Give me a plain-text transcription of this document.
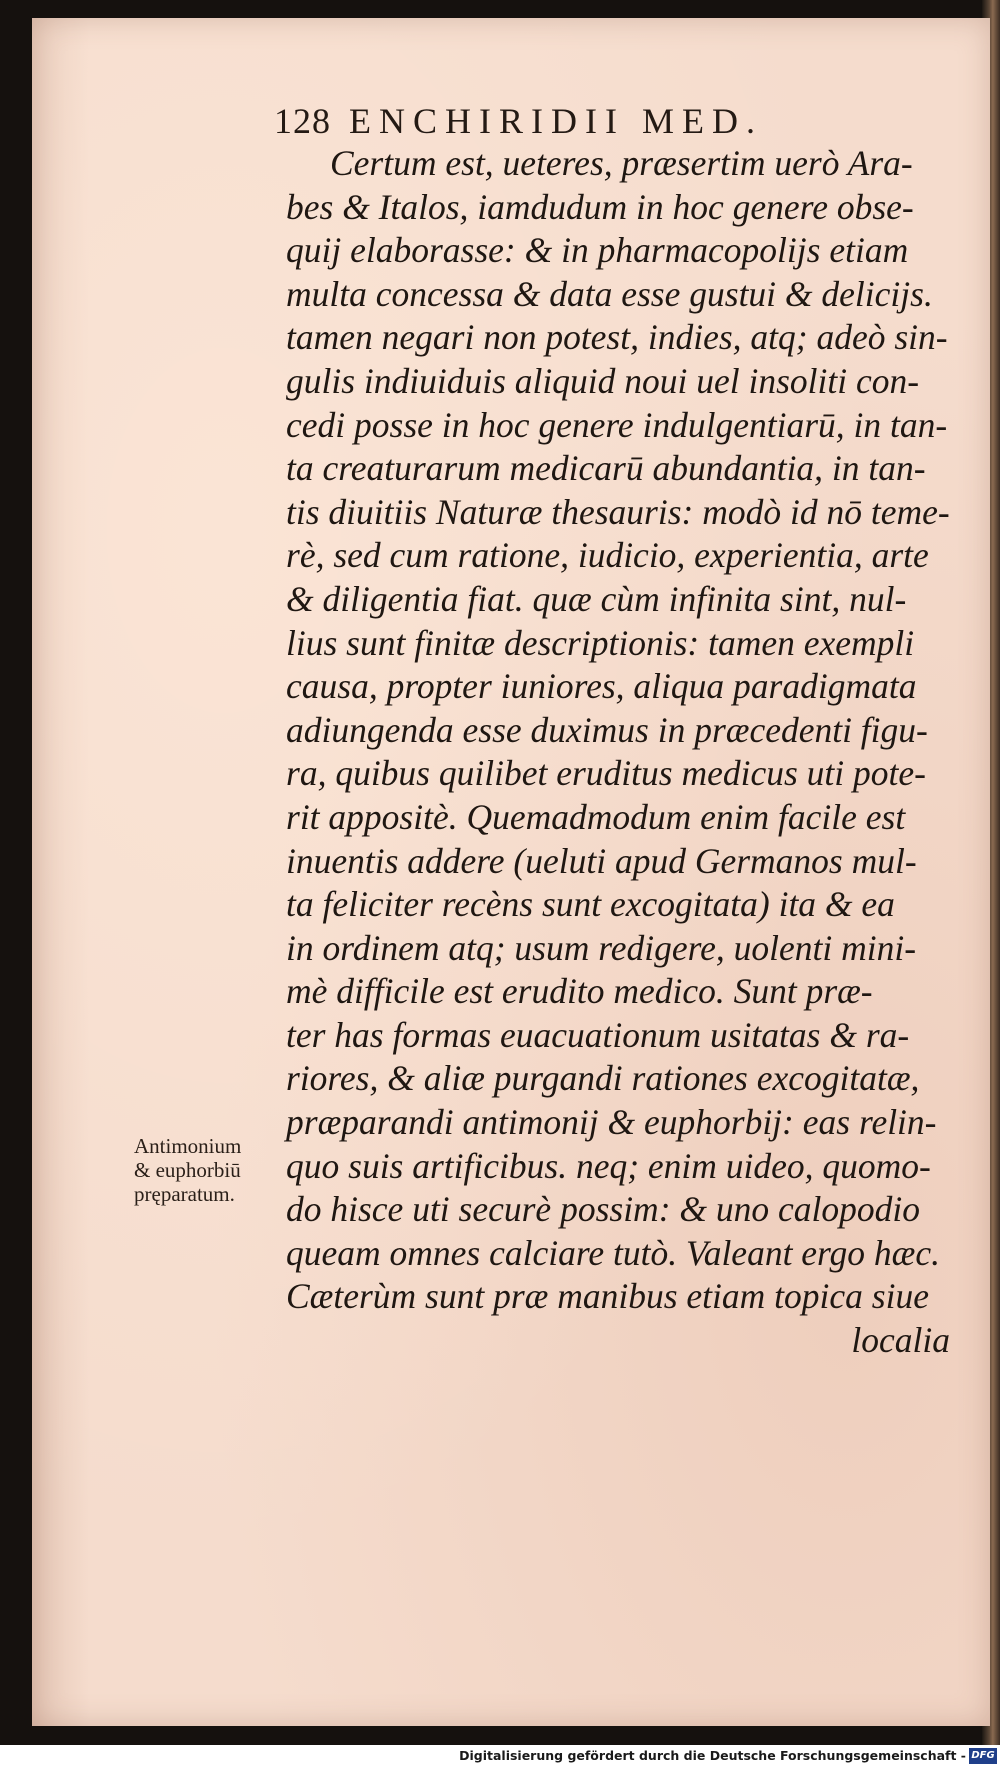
128 ENCHIRIDII MED.
Certum est, ueteres, præsertim uerò Ara-
bes & Italos, iamdudum in hoc genere obse-
quij elaborasse: & in pharmacopolijs etiam
multa concessa & data esse gustui & delicijs.
tamen negari non potest, indies, atq; adeò sin-
gulis indiuiduis aliquid noui uel insoliti con-
cedi posse in hoc genere indulgentiarū, in tan-
ta creaturarum medicarū abundantia, in tan-
tis diuitiis Naturæ thesauris: modò id nō teme-
rè, sed cum ratione, iudicio, experientia, arte
& diligentia fiat. quæ cùm infinita sint, nul-
lius sunt finitæ descriptionis: tamen exempli
causa, propter iuniores, aliqua paradigmata
adiungenda esse duximus in præcedenti figu-
ra, quibus quilibet eruditus medicus uti pote-
rit appositè. Quemadmodum enim facile est
inuentis addere (ueluti apud Germanos mul-
ta feliciter recèns sunt excogitata) ita & ea
in ordinem atq; usum redigere, uolenti mini-
mè difficile est erudito medico. Sunt præ-
ter has formas euacuationum usitatas & ra-
riores, & aliæ purgandi rationes excogitatæ,
præparandi antimonij & euphorbij: eas relin-
quo suis artificibus. neq; enim uideo, quomo-
do hisce uti securè possim: & uno calopodio
queam omnes calciare tutò. Valeant ergo hæc.
Cæterùm sunt præ manibus etiam topica siue
localia
Antimonium
& euphorbiū
pręparatum.
Digitalisierung gefördert durch die Deutsche Forschungsgemeinschaft - DFG
